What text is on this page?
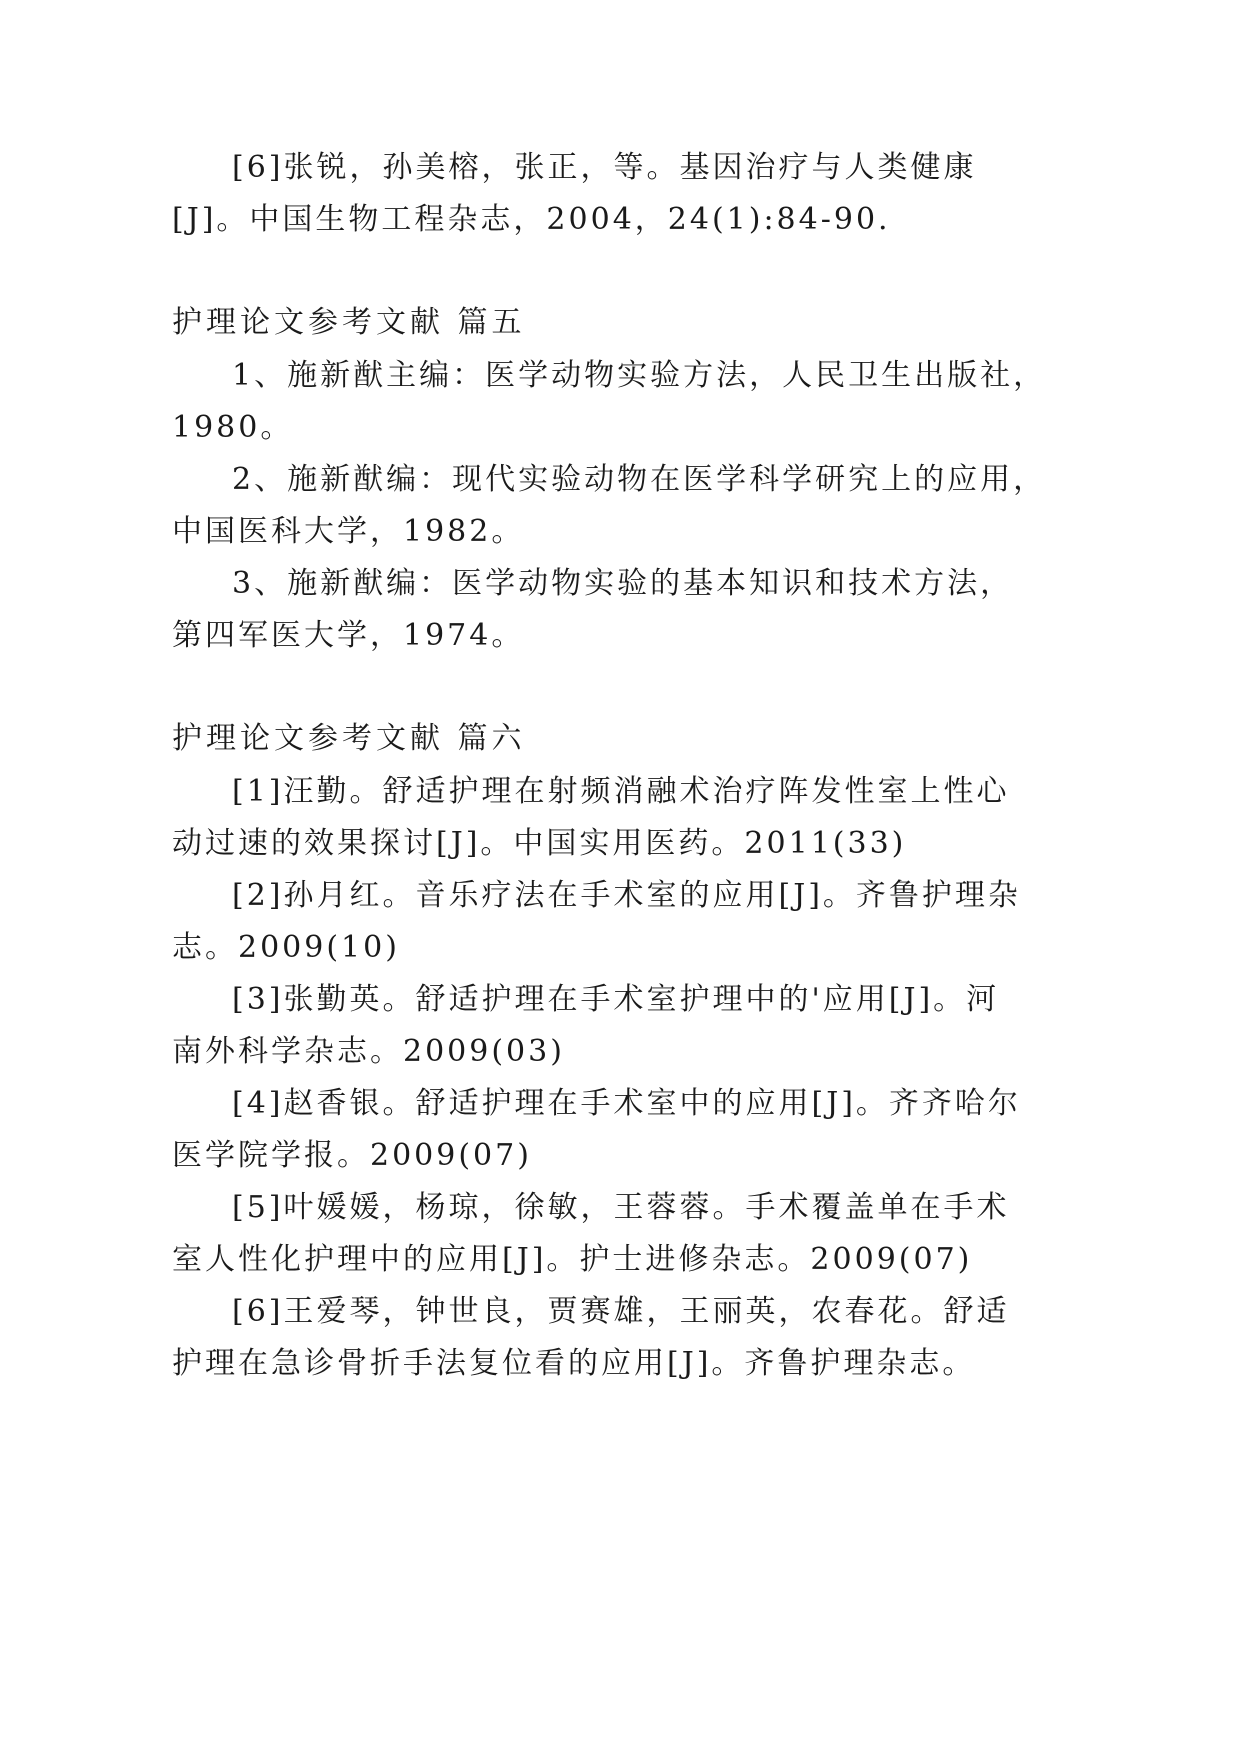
[6]张锐，孙美榕，张正，等。基因治疗与人类健康
[J]。中国生物工程杂志，2004，24(1):84-90.
护理论文参考文献 篇五
1、施新猷主编：医学动物实验方法，人民卫生出版社，
1980。
2、施新猷编：现代实验动物在医学科学研究上的应用，
中国医科大学，1982。
3、施新猷编：医学动物实验的基本知识和技术方法，
第四军医大学，1974。
护理论文参考文献 篇六
[1]汪勤。舒适护理在射频消融术治疗阵发性室上性心
动过速的效果探讨[J]。中国实用医药。2011(33)
[2]孙月红。音乐疗法在手术室的应用[J]。齐鲁护理杂
志。2009(10)
[3]张勤英。舒适护理在手术室护理中的'应用[J]。河
南外科学杂志。2009(03)
[4]赵香银。舒适护理在手术室中的应用[J]。齐齐哈尔
医学院学报。2009(07)
[5]叶媛媛，杨琼，徐敏，王蓉蓉。手术覆盖单在手术
室人性化护理中的应用[J]。护士进修杂志。2009(07)
[6]王爱琴，钟世良，贾赛雄，王丽英，农春花。舒适
护理在急诊骨折手法复位看的应用[J]。齐鲁护理杂志。
